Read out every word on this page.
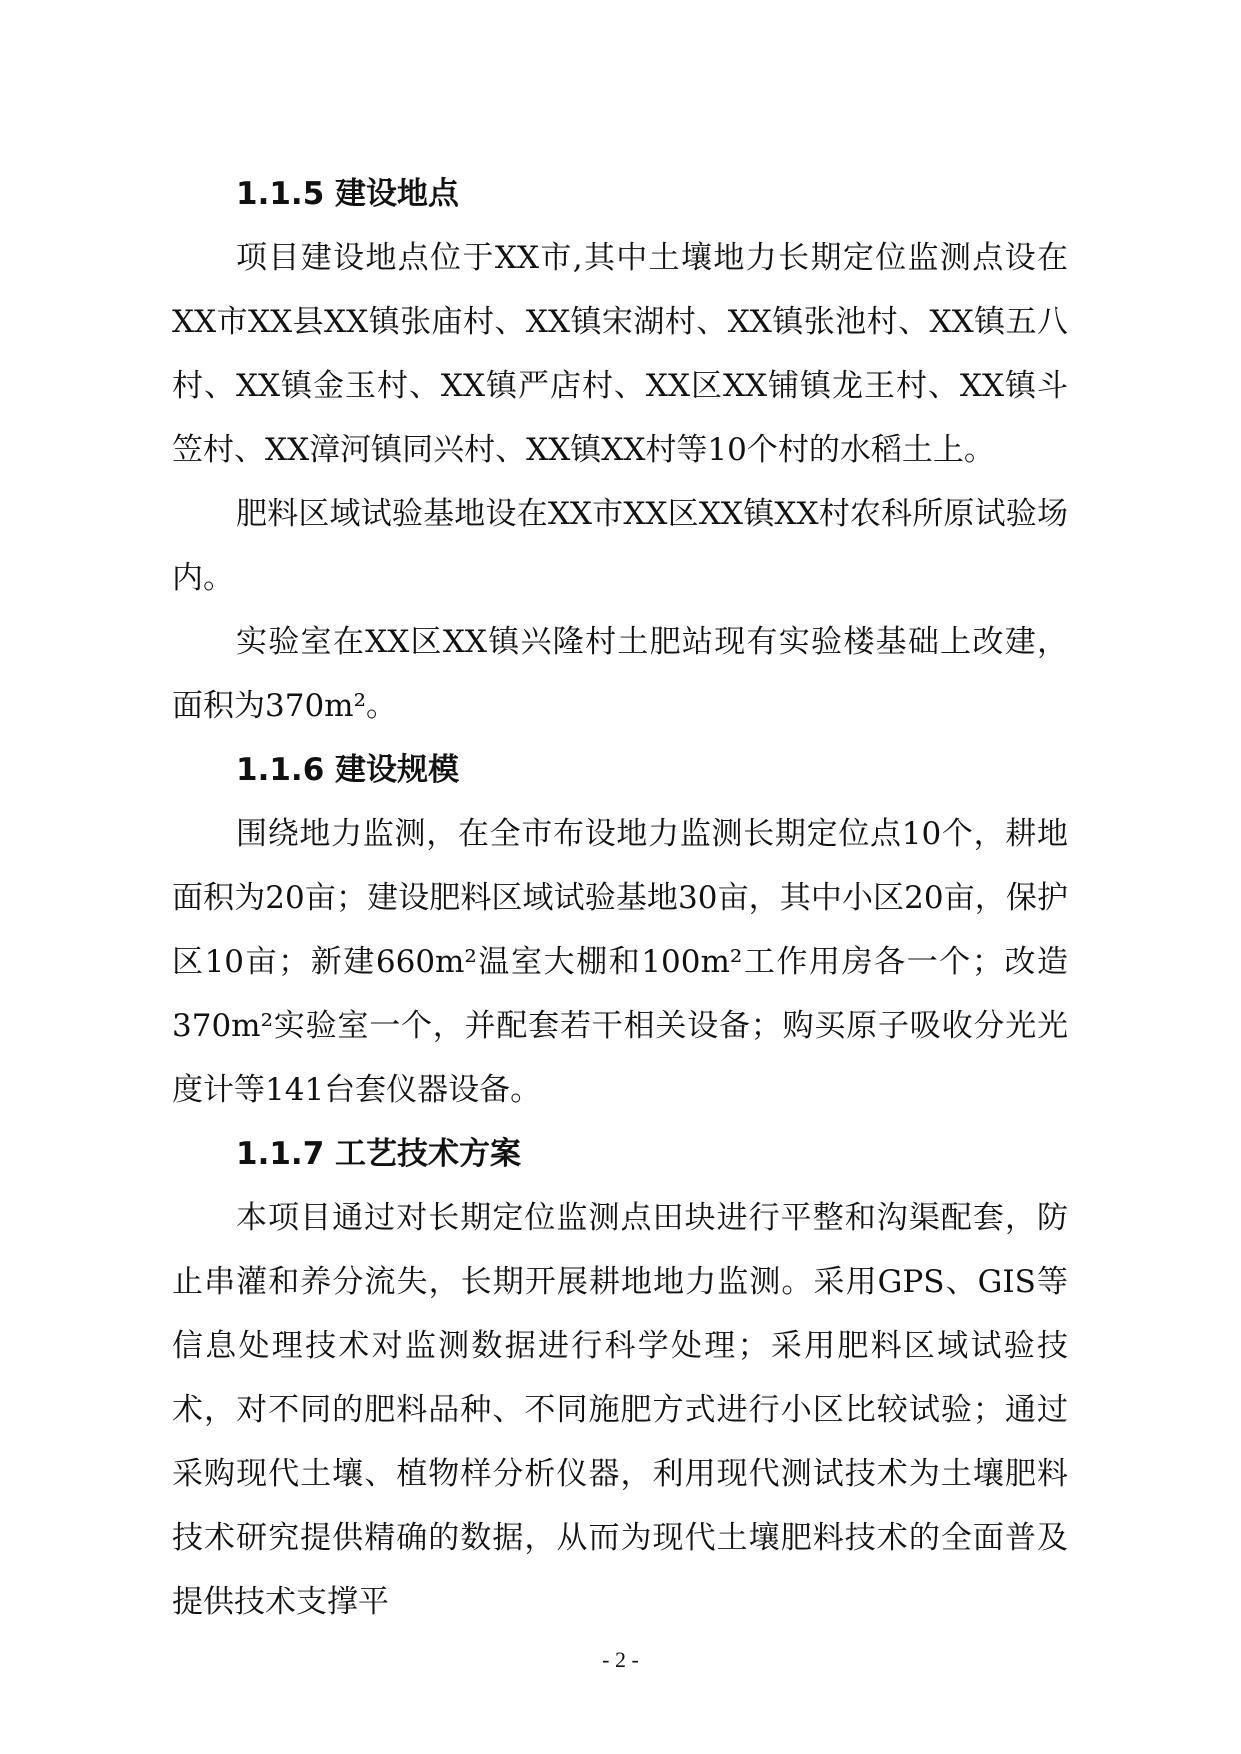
1.1.5 建设地点

项目建设地点位于XX市,其中土壤地力长期定位监测点设在XX市XX县XX镇张庙村、XX镇宋湖村、XX镇张池村、XX镇五八村、XX镇金玉村、XX镇严店村、XX区XX铺镇龙王村、XX镇斗笠村、XX漳河镇同兴村、XX镇XX村等10个村的水稻土上。

肥料区域试验基地设在XX市XX区XX镇XX村农科所原试验场内。

实验室在XX区XX镇兴隆村土肥站现有实验楼基础上改建，面积为370m²。

1.1.6 建设规模

围绕地力监测，在全市布设地力监测长期定位点10个，耕地面积为20亩；建设肥料区域试验基地30亩，其中小区20亩，保护区10亩；新建660m²温室大棚和100m²工作用房各一个；改造370m²实验室一个，并配套若干相关设备；购买原子吸收分光光度计等141台套仪器设备。

1.1.7 工艺技术方案

本项目通过对长期定位监测点田块进行平整和沟渠配套，防止串灌和养分流失，长期开展耕地地力监测。采用GPS、GIS等信息处理技术对监测数据进行科学处理；采用肥料区域试验技术，对不同的肥料品种、不同施肥方式进行小区比较试验；通过采购现代土壤、植物样分析仪器，利用现代测试技术为土壤肥料技术研究提供精确的数据，从而为现代土壤肥料技术的全面普及提供技术支撑平

- 2 -
